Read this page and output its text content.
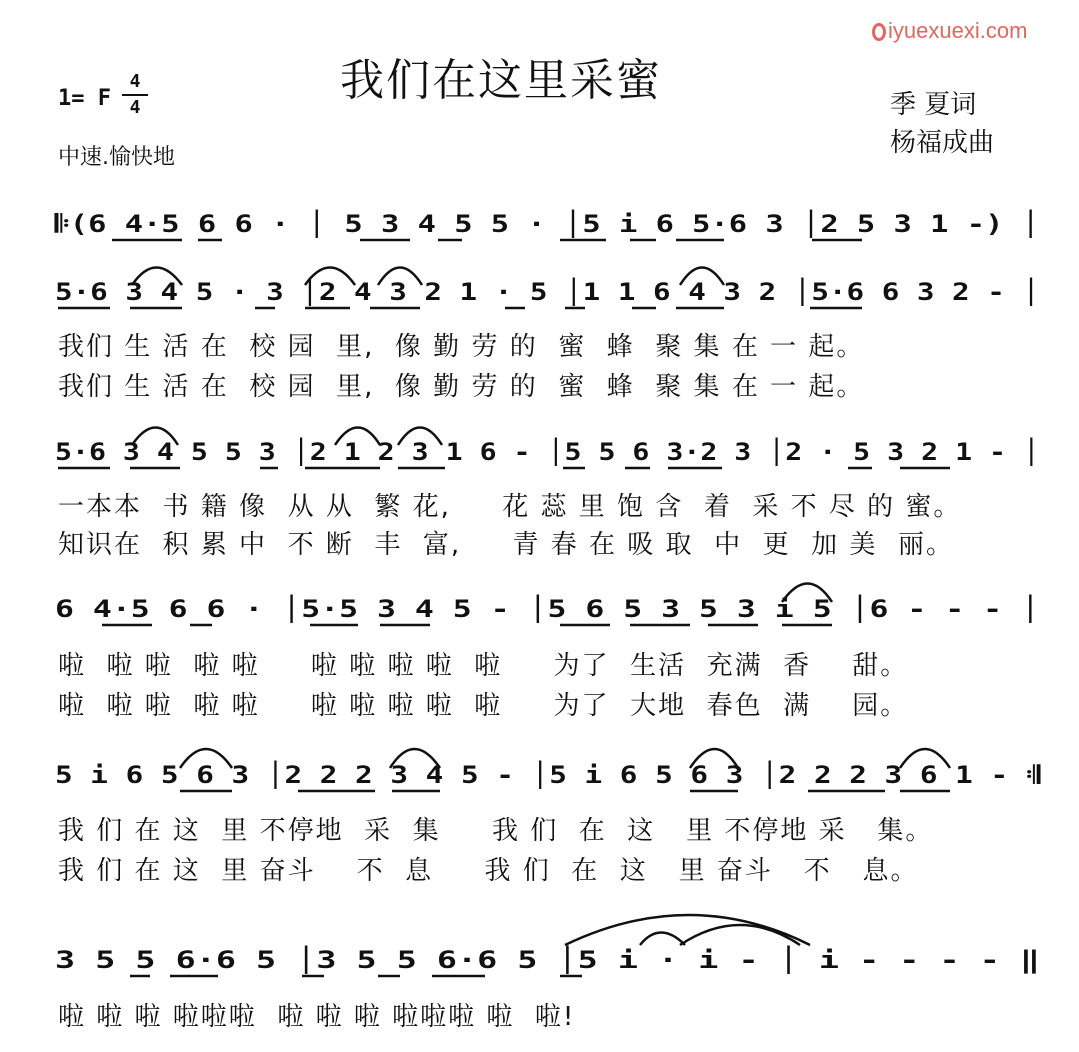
我们在这里采蜜
iyuexuexi.com
1= F
4
4
中速.愉快地
季 夏词
杨福成曲
𝄆(6 4·5 6 6 · │ 5 3 4 5 5 · │5 i 6 5·6 3 │2 5 3 1 -) │
5·6 3 4 5 · 3 │2 4 3 2 1 · 5 │1 1 6 4 3 2 │5·6 6 3 2 - │
5·6 3 4 5 5 3 │2 1 2 3 1 6 - │5 5 6 3·2 3 │2 · 5 3 2 1 - │
6 4·5 6 6 · │5·5 3 4 5 - │5 6 5 3 5 3 i 5 │6 - - - │
5 i 6 5 6 3 │2 2 2 3 4 5 - │5 i 6 5 6 3 │2 2 2 3 6 1 - 𝄇
3 5 5 6·6 5 │3 5 5 6·6 5 │5 i · i - │ i - - - - ‖
我们 生 活 在  校 园  里,  像 勤 劳 的  蜜  蜂  聚 集 在 一 起。
我们 生 活 在  校 园  里,  像 勤 劳 的  蜜  蜂  聚 集 在 一 起。
一本本  书 籍 像  从 从  繁 花,     花 蕊 里 饱 含  着  采 不 尽 的 蜜。
知识在  积 累 中  不 断  丰  富,     青 春 在 吸 取  中  更  加 美  丽。
啦  啦 啦  啦 啦     啦 啦 啦 啦  啦     为了  生活  充满  香    甜。
啦  啦 啦  啦 啦     啦 啦 啦 啦  啦     为了  大地  春色  满    园。
我 们 在 这  里 不停地  采  集     我 们  在  这   里 不停地 采   集。
我 们 在 这  里 奋斗    不  息     我 们  在  这   里 奋斗   不   息。
啦 啦 啦 啦啦啦  啦 啦 啦 啦啦啦 啦  啦!
